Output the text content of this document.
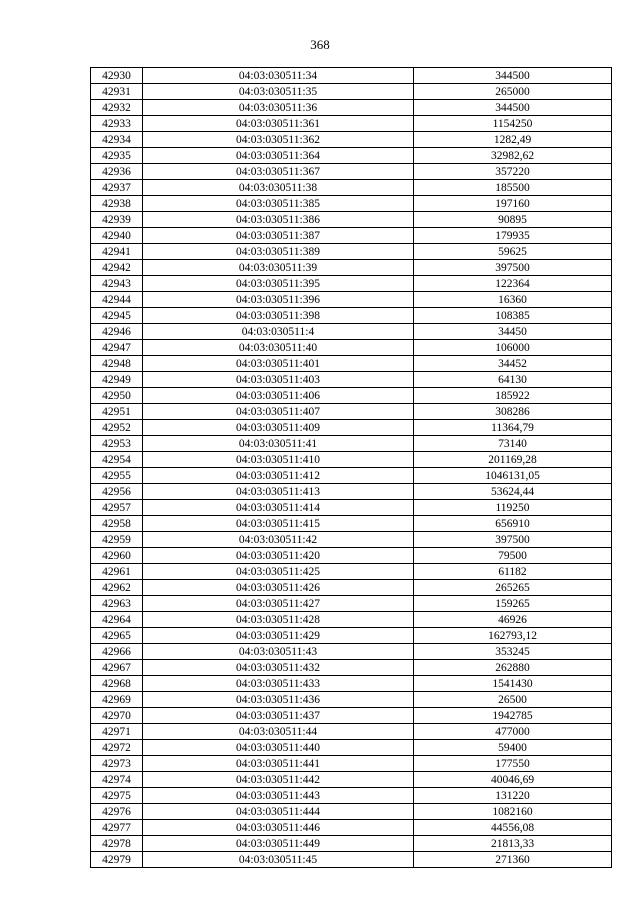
368
42930	04:03:030511:34	344500
42931	04:03:030511:35	265000
42932	04:03:030511:36	344500
42933	04:03:030511:361	1154250
42934	04:03:030511:362	1282,49
42935	04:03:030511:364	32982,62
42936	04:03:030511:367	357220
42937	04:03:030511:38	185500
42938	04:03:030511:385	197160
42939	04:03:030511:386	90895
42940	04:03:030511:387	179935
42941	04:03:030511:389	59625
42942	04:03:030511:39	397500
42943	04:03:030511:395	122364
42944	04:03:030511:396	16360
42945	04:03:030511:398	108385
42946	04:03:030511:4	34450
42947	04:03:030511:40	106000
42948	04:03:030511:401	34452
42949	04:03:030511:403	64130
42950	04:03:030511:406	185922
42951	04:03:030511:407	308286
42952	04:03:030511:409	11364,79
42953	04:03:030511:41	73140
42954	04:03:030511:410	201169,28
42955	04:03:030511:412	1046131,05
42956	04:03:030511:413	53624,44
42957	04:03:030511:414	119250
42958	04:03:030511:415	656910
42959	04:03:030511:42	397500
42960	04:03:030511:420	79500
42961	04:03:030511:425	61182
42962	04:03:030511:426	265265
42963	04:03:030511:427	159265
42964	04:03:030511:428	46926
42965	04:03:030511:429	162793,12
42966	04:03:030511:43	353245
42967	04:03:030511:432	262880
42968	04:03:030511:433	1541430
42969	04:03:030511:436	26500
42970	04:03:030511:437	1942785
42971	04:03:030511:44	477000
42972	04:03:030511:440	59400
42973	04:03:030511:441	177550
42974	04:03:030511:442	40046,69
42975	04:03:030511:443	131220
42976	04:03:030511:444	1082160
42977	04:03:030511:446	44556,08
42978	04:03:030511:449	21813,33
42979	04:03:030511:45	271360
